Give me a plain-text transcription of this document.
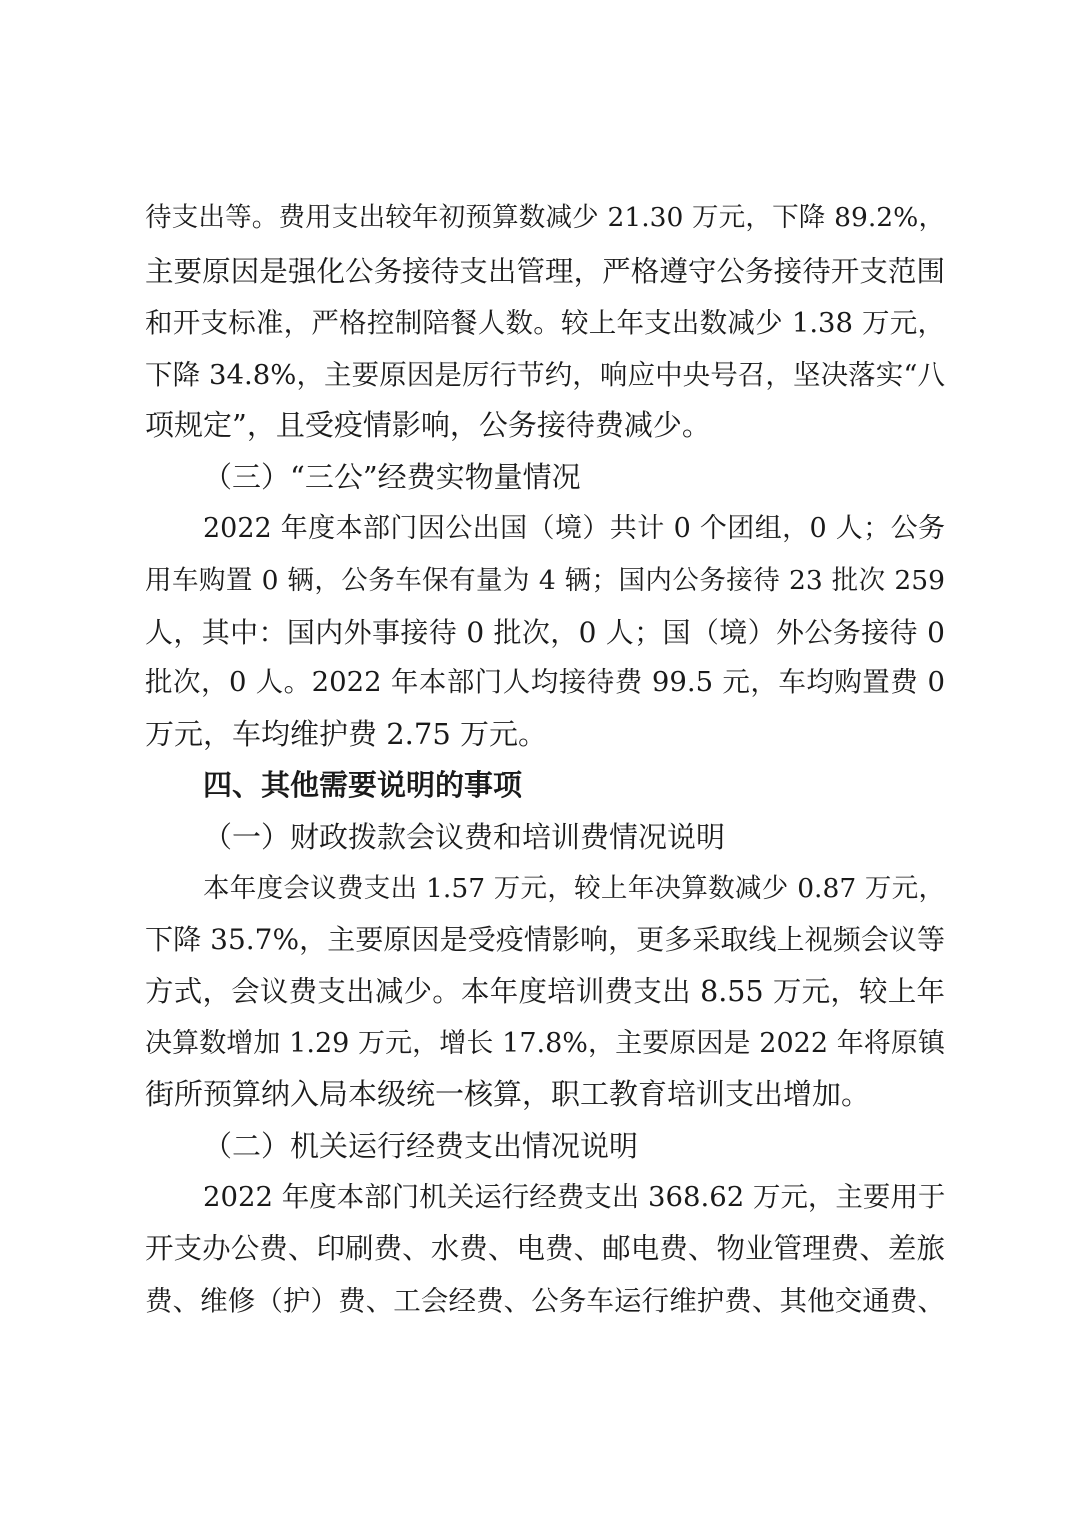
待支出等。费用支出较年初预算数减少 21.30 万元，下降 89.2%，
主要原因是强化公务接待支出管理，严格遵守公务接待开支范围
和开支标准，严格控制陪餐人数。较上年支出数减少 1.38 万元，
下降 34.8%，主要原因是厉行节约，响应中央号召，坚决落实“八
项规定”，且受疫情影响，公务接待费减少。
（三）“三公”经费实物量情况
2022 年度本部门因公出国（境）共计 0 个团组，0 人；公务
用车购置 0 辆，公务车保有量为 4 辆；国内公务接待 23 批次 259
人，其中：国内外事接待 0 批次，0 人；国（境）外公务接待 0
批次，0 人。2022 年本部门人均接待费 99.5 元，车均购置费 0
万元，车均维护费 2.75 万元。
四、其他需要说明的事项
（一）财政拨款会议费和培训费情况说明
本年度会议费支出 1.57 万元，较上年决算数减少 0.87 万元，
下降 35.7%，主要原因是受疫情影响，更多采取线上视频会议等
方式，会议费支出减少。本年度培训费支出 8.55 万元，较上年
决算数增加 1.29 万元，增长 17.8%，主要原因是 2022 年将原镇
街所预算纳入局本级统一核算，职工教育培训支出增加。
（二）机关运行经费支出情况说明
2022 年度本部门机关运行经费支出 368.62 万元，主要用于
开支办公费、印刷费、水费、电费、邮电费、物业管理费、差旅
费、维修（护）费、工会经费、公务车运行维护费、其他交通费、
